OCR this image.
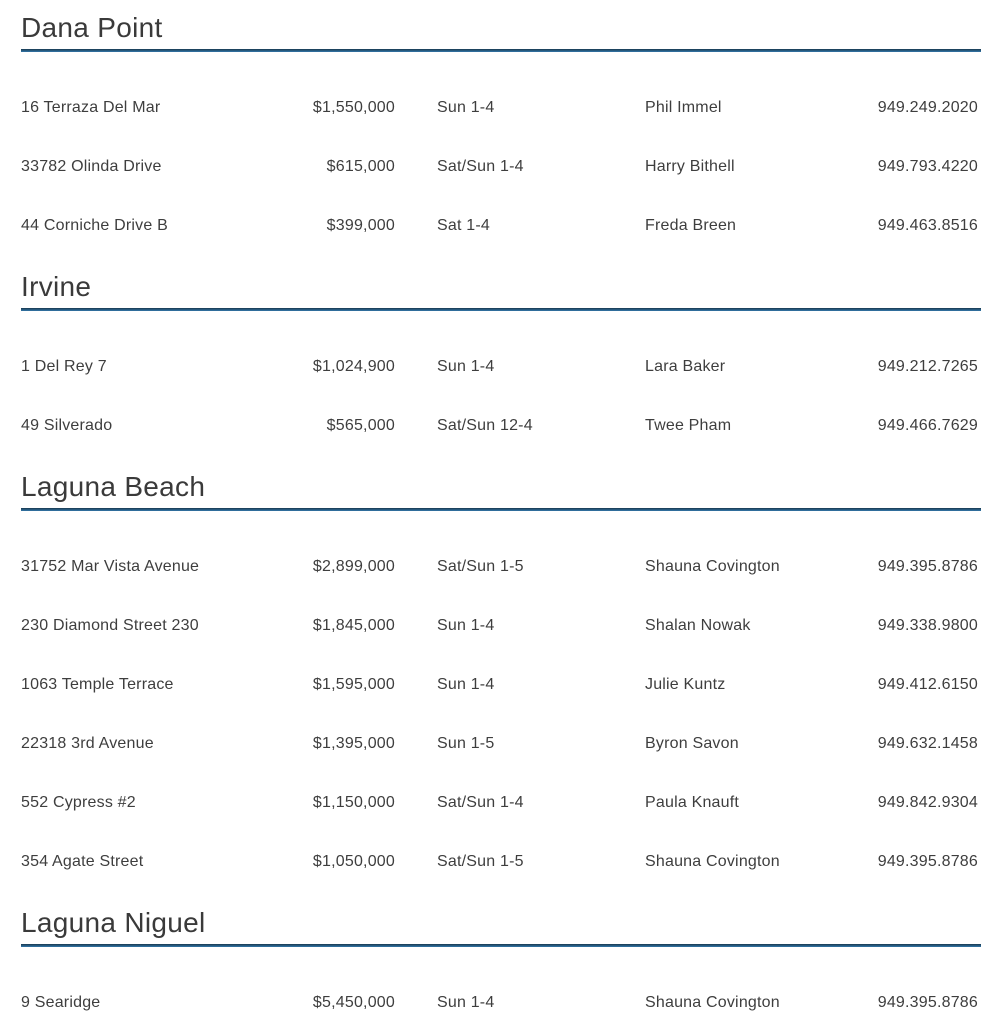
Dana Point
16 Terraza Del Mar	$1,550,000	Sun 1-4	Phil Immel	949.249.2020
33782 Olinda Drive	$615,000	Sat/Sun 1-4	Harry Bithell	949.793.4220
44 Corniche Drive B	$399,000	Sat 1-4	Freda Breen	949.463.8516
Irvine
1 Del Rey 7	$1,024,900	Sun 1-4	Lara Baker	949.212.7265
49 Silverado	$565,000	Sat/Sun 12-4	Twee Pham	949.466.7629
Laguna Beach
31752 Mar Vista Avenue	$2,899,000	Sat/Sun 1-5	Shauna Covington	949.395.8786
230 Diamond Street 230	$1,845,000	Sun 1-4	Shalan Nowak	949.338.9800
1063 Temple Terrace	$1,595,000	Sun 1-4	Julie Kuntz	949.412.6150
22318 3rd Avenue	$1,395,000	Sun 1-5	Byron Savon	949.632.1458
552 Cypress #2	$1,150,000	Sat/Sun 1-4	Paula Knauft	949.842.9304
354 Agate Street	$1,050,000	Sat/Sun 1-5	Shauna Covington	949.395.8786
Laguna Niguel
9 Searidge	$5,450,000	Sun 1-4	Shauna Covington	949.395.8786
